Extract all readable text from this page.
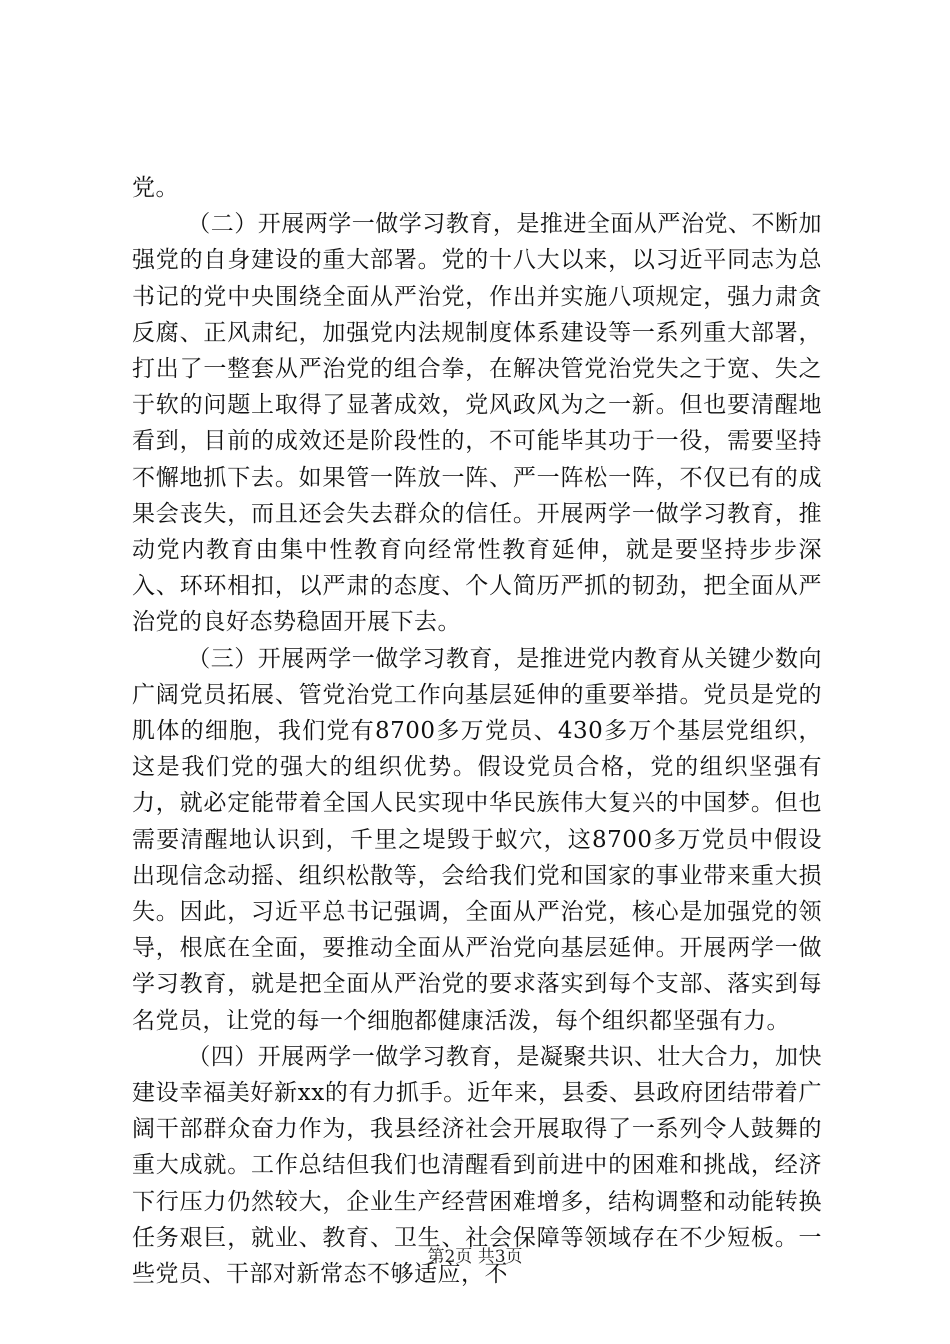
党。

（二）开展两学一做学习教育，是推进全面从严治党、不断加强党的自身建设的重大部署。党的十八大以来，以习近平同志为总书记的党中央围绕全面从严治党，作出并实施八项规定，强力肃贪反腐、正风肃纪，加强党内法规制度体系建设等一系列重大部署，打出了一整套从严治党的组合拳，在解决管党治党失之于宽、失之于软的问题上取得了显著成效，党风政风为之一新。但也要清醒地看到，目前的成效还是阶段性的，不可能毕其功于一役，需要坚持不懈地抓下去。如果管一阵放一阵、严一阵松一阵，不仅已有的成果会丧失，而且还会失去群众的信任。开展两学一做学习教育，推动党内教育由集中性教育向经常性教育延伸，就是要坚持步步深入、环环相扣，以严肃的态度、个人简历严抓的韧劲，把全面从严治党的良好态势稳固开展下去。

（三）开展两学一做学习教育，是推进党内教育从关键少数向广阔党员拓展、管党治党工作向基层延伸的重要举措。党员是党的肌体的细胞，我们党有8700多万党员、430多万个基层党组织，这是我们党的强大的组织优势。假设党员合格，党的组织坚强有力，就必定能带着全国人民实现中华民族伟大复兴的中国梦。但也需要清醒地认识到，千里之堤毁于蚁穴，这8700多万党员中假设出现信念动摇、组织松散等，会给我们党和国家的事业带来重大损失。因此，习近平总书记强调，全面从严治党，核心是加强党的领导，根底在全面，要推动全面从严治党向基层延伸。开展两学一做学习教育，就是把全面从严治党的要求落实到每个支部、落实到每名党员，让党的每一个细胞都健康活泼，每个组织都坚强有力。

（四）开展两学一做学习教育，是凝聚共识、壮大合力，加快建设幸福美好新xx的有力抓手。近年来，县委、县政府团结带着广阔干部群众奋力作为，我县经济社会开展取得了一系列令人鼓舞的重大成就。工作总结但我们也清醒看到前进中的困难和挑战，经济下行压力仍然较大，企业生产经营困难增多，结构调整和动能转换任务艰巨，就业、教育、卫生、社会保障等领域存在不少短板。一些党员、干部对新常态不够适应，不

第2页 共3页
